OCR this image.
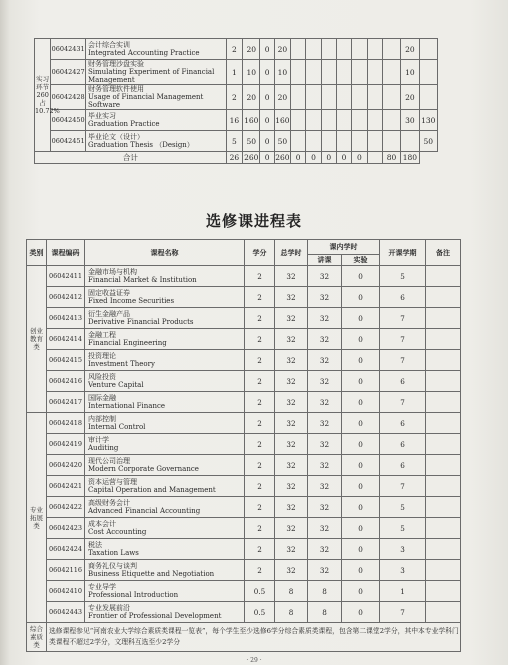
实习环节 260 占 10.72%	06042431	会计综合实训
Integrated Accounting Practice	2	20	0	20								20	
	06042427	财务管理沙盘实验
Simulating Experiment of Financial Management	1	10	0	10								10	
	06042428	财务管理软件使用
Usage of Financial Management Software	2	20	0	20								20	
	06042450	毕业实习
Graduation Practice	16	160	0	160								30	130
	06042451	毕业论文（设计）
Graduation Thesis （Design）	5	50	0	50									50
合计			26	260	0	260	0	0	0	0	0		80	180	
选修课进程表
类别	课程编码	课程名称	学分	总学时	课内学时		开课学期	备注
					讲课	实验		
创业教育类	06042411	金融市场与机构
Financial Market & Institution	2	32	32	0	5	
	06042412	固定收益证券
Fixed Income Securities	2	32	32	0	6	
	06042413	衍生金融产品
Derivative Financial Products	2	32	32	0	7	
	06042414	金融工程
Financial Engineering	2	32	32	0	7	
	06042415	投资理论
Investment Theory	2	32	32	0	7	
	06042416	风险投资
Venture Capital	2	32	32	0	6	
	06042417	国际金融
International Finance	2	32	32	0	7	
专业拓展类	06042418	内部控制
Internal Control	2	32	32	0	6	
	06042419	审计学
Auditing	2	32	32	0	6	
	06042420	现代公司治理
Modern Corporate Governance	2	32	32	0	6	
	06042421	资本运营与管理
Capital Operation and Management	2	32	32	0	7	
	06042422	高级财务会计
Advanced Financial Accounting	2	32	32	0	5	
	06042423	成本会计
Cost Accounting	2	32	32	0	5	
	06042424	税法
Taxation Laws	2	32	32	0	3	
	06042116	商务礼仪与谈判
Business Etiquette and Negotiation	2	32	32	0	3	
	06042410	专业导学
Professional Introduction	0.5	8	8	0	1	
	06042443	专业发展前沿
Frontier of Professional Development	0.5	8	8	0	7	
综合素质类	选修课程参见“河南农业大学综合素质类课程一览表”，每个学生至少选修6学分综合素质类课程，包含第二课堂2学分，其中本专业学科门类课程不超过2学分，文理科互选至少2学分							
· 29 ·
